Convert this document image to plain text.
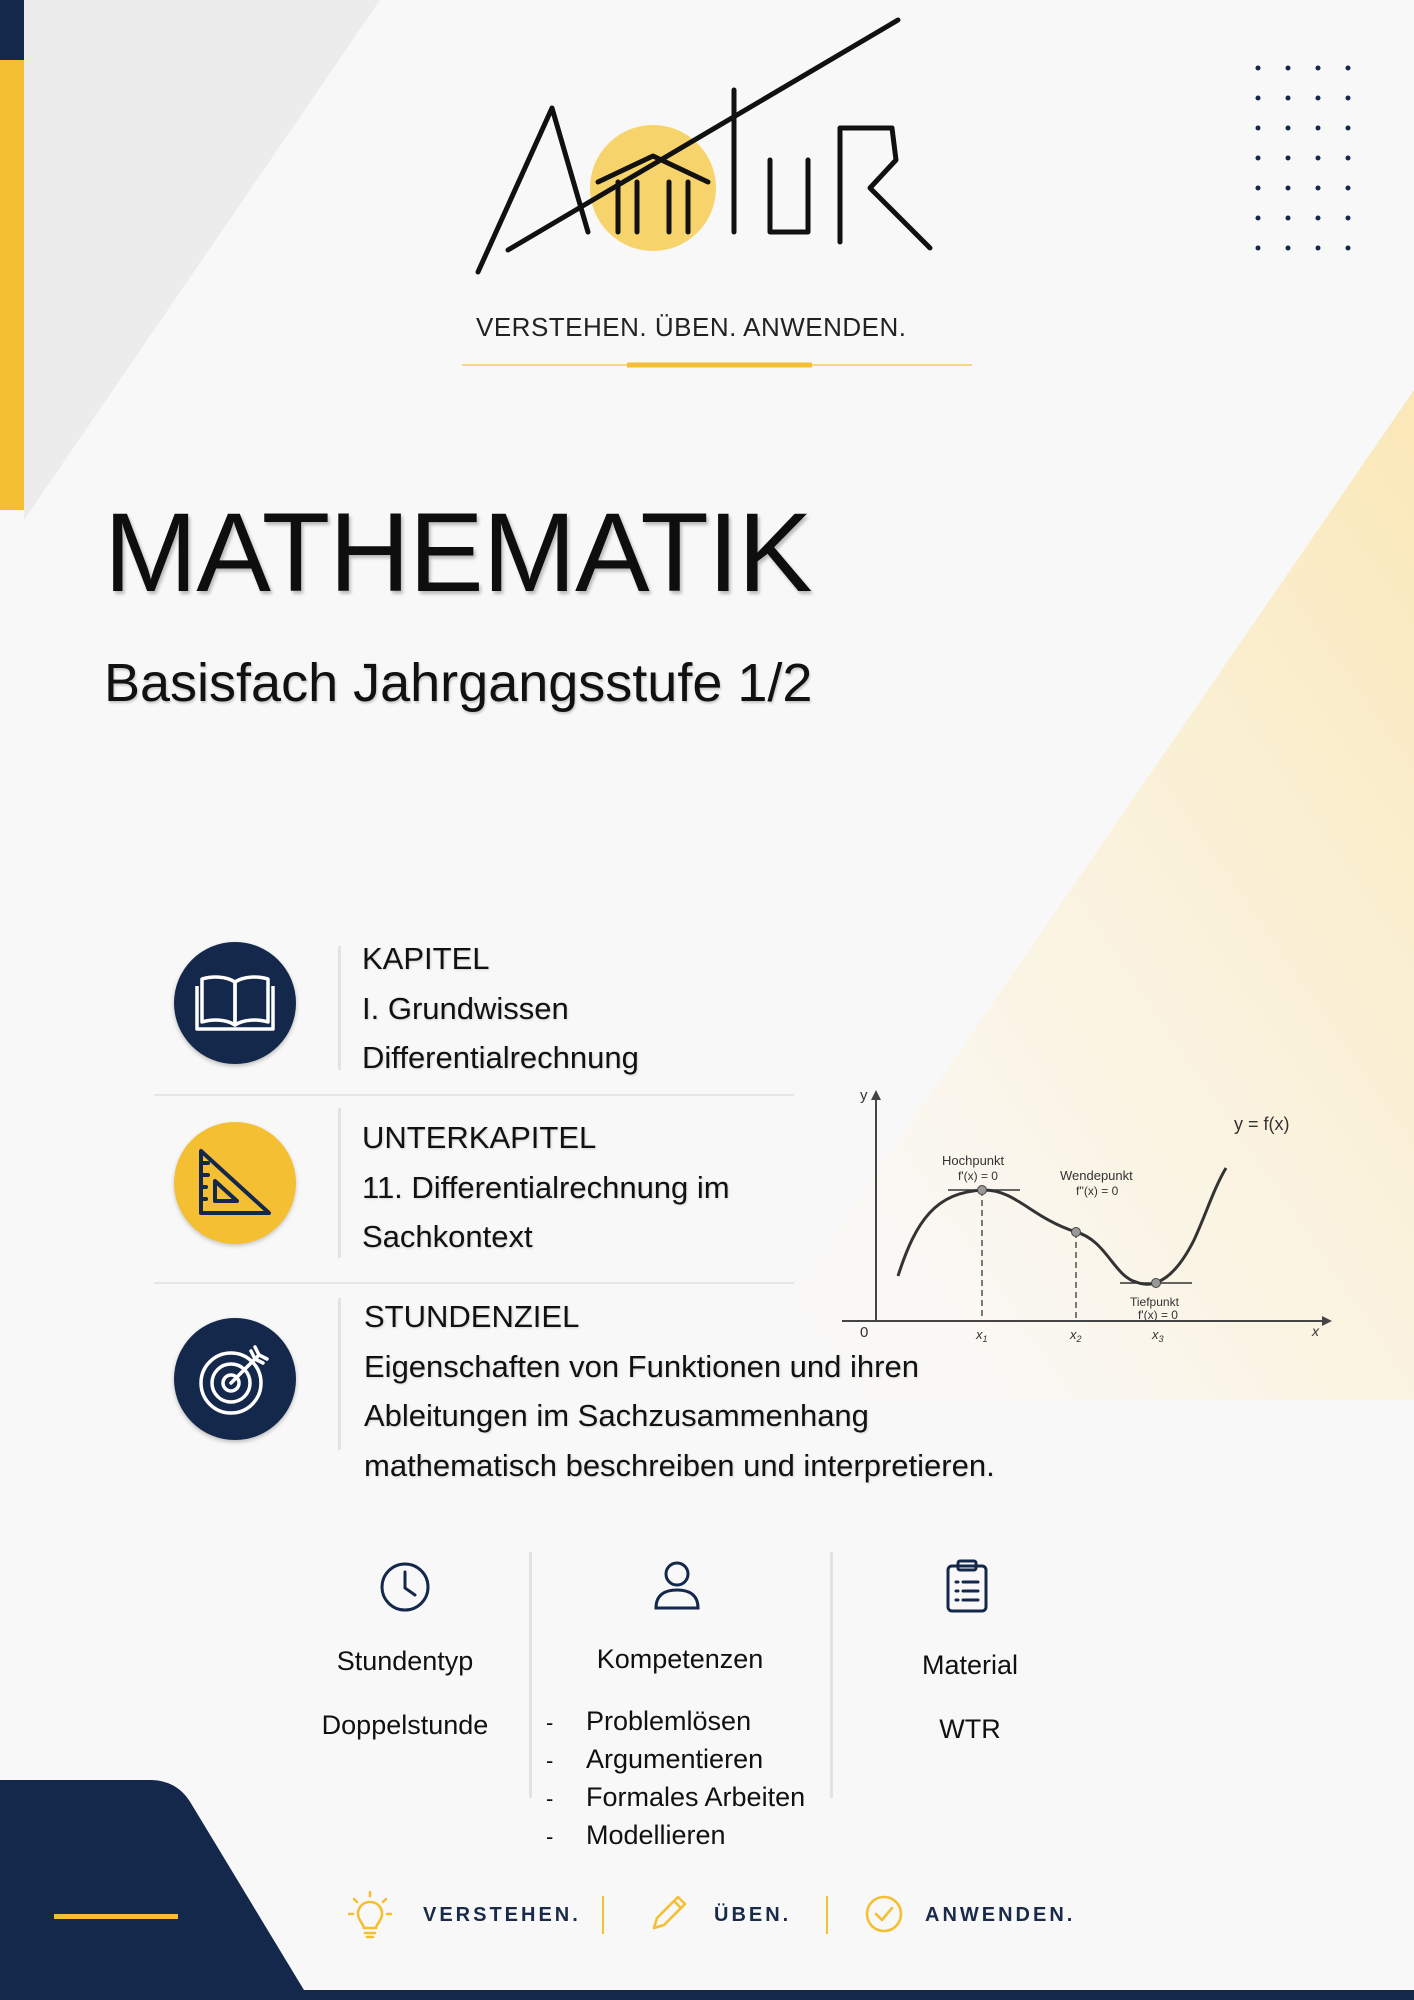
VERSTEHEN. ÜBEN. ANWENDEN.
MATHEMATIK
Basisfach Jahrgangsstufe 1/2
KAPITEL
I. Grundwissen
Differentialrechnung
UNTERKAPITEL
11. Differentialrechnung im
Sachkontext
STUNDENZIEL
Eigenschaften von Funktionen und ihren
Ableitungen im Sachzusammenhang
mathematisch beschreiben und interpretieren.
y
x
0
y = f(x)
Hochpunkt
f'(x) = 0
$x_1$
Wendepunkt
f''(x) = 0
$x_2$
Tiefpunkt
f'(x) = 0
$x_3$
Stundentyp
Doppelstunde
Kompetenzen
-
-
-
-
Problemlösen
Argumentieren
Formales Arbeiten
Modellieren
Material
WTR
VERSTEHEN.	ÜBEN.	ANWENDEN.
